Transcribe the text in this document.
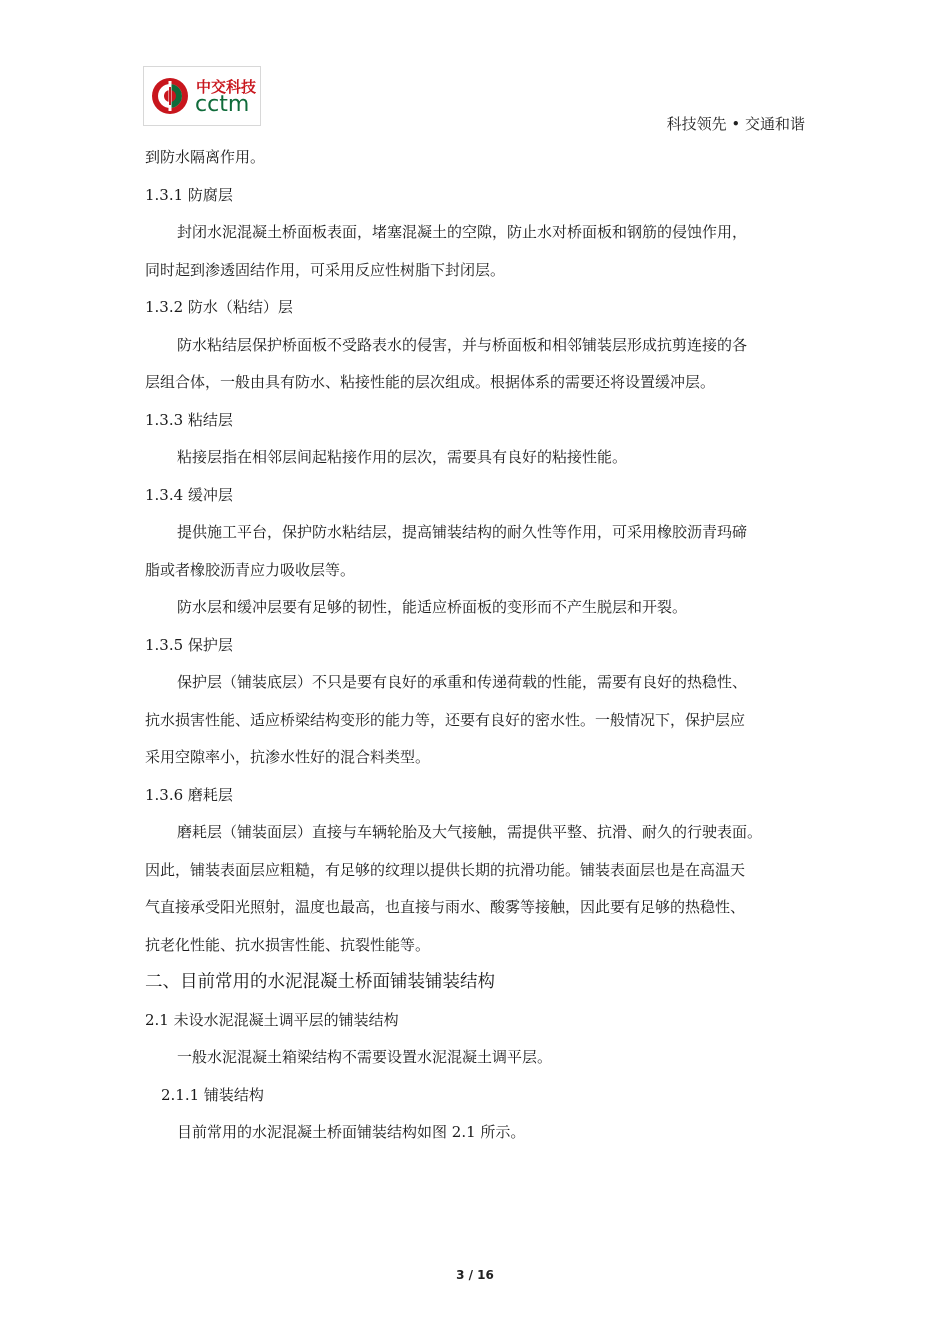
中交科技
cctm
科技领先 • 交通和谐

到防水隔离作用。

1.3.1 防腐层

封闭水泥混凝土桥面板表面，堵塞混凝土的空隙，防止水对桥面板和钢筋的侵蚀作用，

同时起到渗透固结作用，可采用反应性树脂下封闭层。

1.3.2 防水（粘结）层

防水粘结层保护桥面板不受路表水的侵害，并与桥面板和相邻铺装层形成抗剪连接的各

层组合体，一般由具有防水、粘接性能的层次组成。根据体系的需要还将设置缓冲层。

1.3.3 粘结层

粘接层指在相邻层间起粘接作用的层次，需要具有良好的粘接性能。

1.3.4 缓冲层

提供施工平台，保护防水粘结层，提高铺装结构的耐久性等作用，可采用橡胶沥青玛碲

脂或者橡胶沥青应力吸收层等。

防水层和缓冲层要有足够的韧性，能适应桥面板的变形而不产生脱层和开裂。

1.3.5 保护层

保护层（铺装底层）不只是要有良好的承重和传递荷载的性能，需要有良好的热稳性、

抗水损害性能、适应桥梁结构变形的能力等，还要有良好的密水性。一般情况下，保护层应

采用空隙率小，抗渗水性好的混合料类型。

1.3.6 磨耗层

磨耗层（铺装面层）直接与车辆轮胎及大气接触，需提供平整、抗滑、耐久的行驶表面。

因此，铺装表面层应粗糙，有足够的纹理以提供长期的抗滑功能。铺装表面层也是在高温天

气直接承受阳光照射，温度也最高，也直接与雨水、酸雾等接触，因此要有足够的热稳性、

抗老化性能、抗水损害性能、抗裂性能等。

二、目前常用的水泥混凝土桥面铺装铺装结构

2.1 未设水泥混凝土调平层的铺装结构

一般水泥混凝土箱梁结构不需要设置水泥混凝土调平层。

2.1.1 铺装结构

目前常用的水泥混凝土桥面铺装结构如图 2.1 所示。

3 / 16
